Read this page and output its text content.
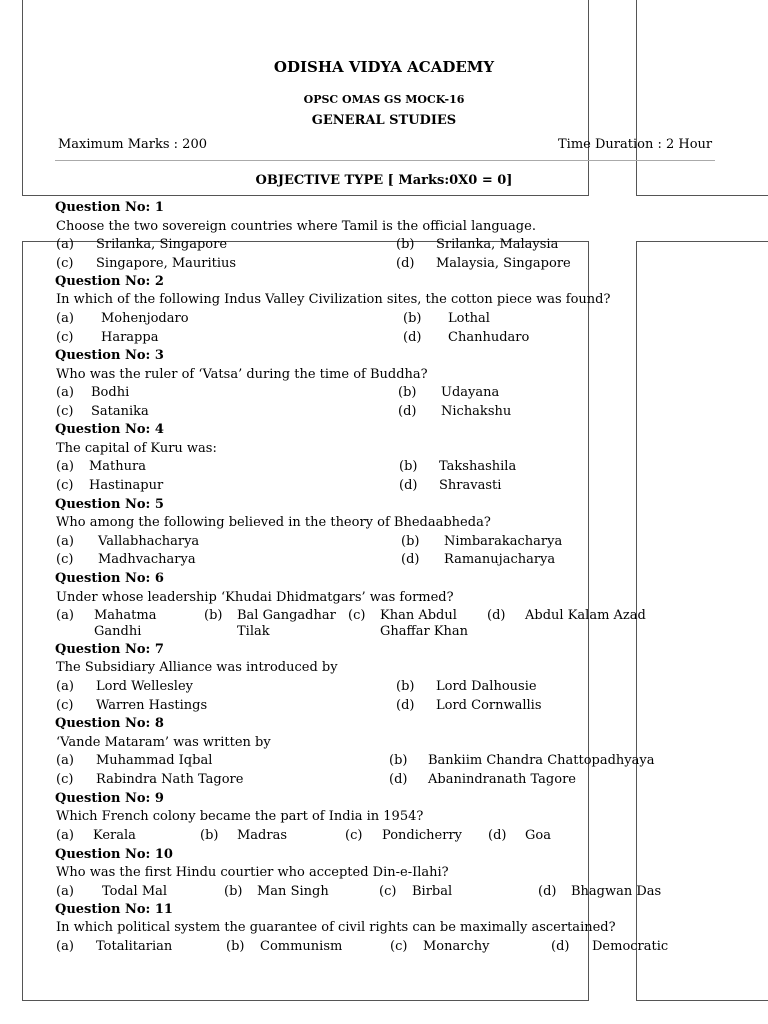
ODISHA VIDYA ACADEMY
OPSC OMAS GS MOCK-16
GENERAL STUDIES
Maximum Marks : 200	Time Duration : 2 Hour
OBJECTIVE TYPE [ Marks:0X0 = 0]
Question No: 1
Choose the two sovereign countries where Tamil is the official language.
(a) Srilanka, Singapore	(b) Srilanka, Malaysia
(c) Singapore, Mauritius	(d) Malaysia, Singapore
Question No: 2
In which of the following Indus Valley Civilization sites, the cotton piece was found?
(a) Mohenjodaro	(b) Lothal
(c) Harappa	(d) Chanhudaro
Question No: 3
Who was the ruler of ‘Vatsa’ during the time of Buddha?
(a) Bodhi	(b) Udayana
(c) Satanika	(d) Nichakshu
Question No: 4
The capital of Kuru was:
(a) Mathura	(b) Takshashila
(c) Hastinapur	(d) Shravasti
Question No: 5
Who among the following believed in the theory of Bhedaabheda?
(a) Vallabhacharya	(b) Nimbarakacharya
(c) Madhvacharya	(d) Ramanujacharya
Question No: 6
Under whose leadership ‘Khudai Dhidmatgars’ was formed?
(a) Mahatma
Gandhi
(b) Bal Gangadhar
Tilak
(c) Khan Abdul
Ghaffar Khan
(d) Abdul Kalam Azad
Question No: 7
The Subsidiary Alliance was introduced by
(a) Lord Wellesley	(b) Lord Dalhousie
(c) Warren Hastings	(d) Lord Cornwallis
Question No: 8
‘Vande Mataram’ was written by
(a) Muhammad Iqbal	(b) Bankiim Chandra Chattopadhyaya
(c) Rabindra Nath Tagore	(d) Abanindranath Tagore
Question No: 9
Which French colony became the part of India in 1954?
(a) Kerala	(b) Madras	(c) Pondicherry (d) Goa
Question No: 10
Who was the first Hindu courtier who accepted Din-e-Ilahi?
(a) Todal Mal	(b) Man Singh	(c) Birbal	(d) Bhagwan Das
Question No: 11
In which political system the guarantee of civil rights can be maximally ascertained?
(a) Totalitarian	(b) Communism	(c) Monarchy	(d) Democratic
